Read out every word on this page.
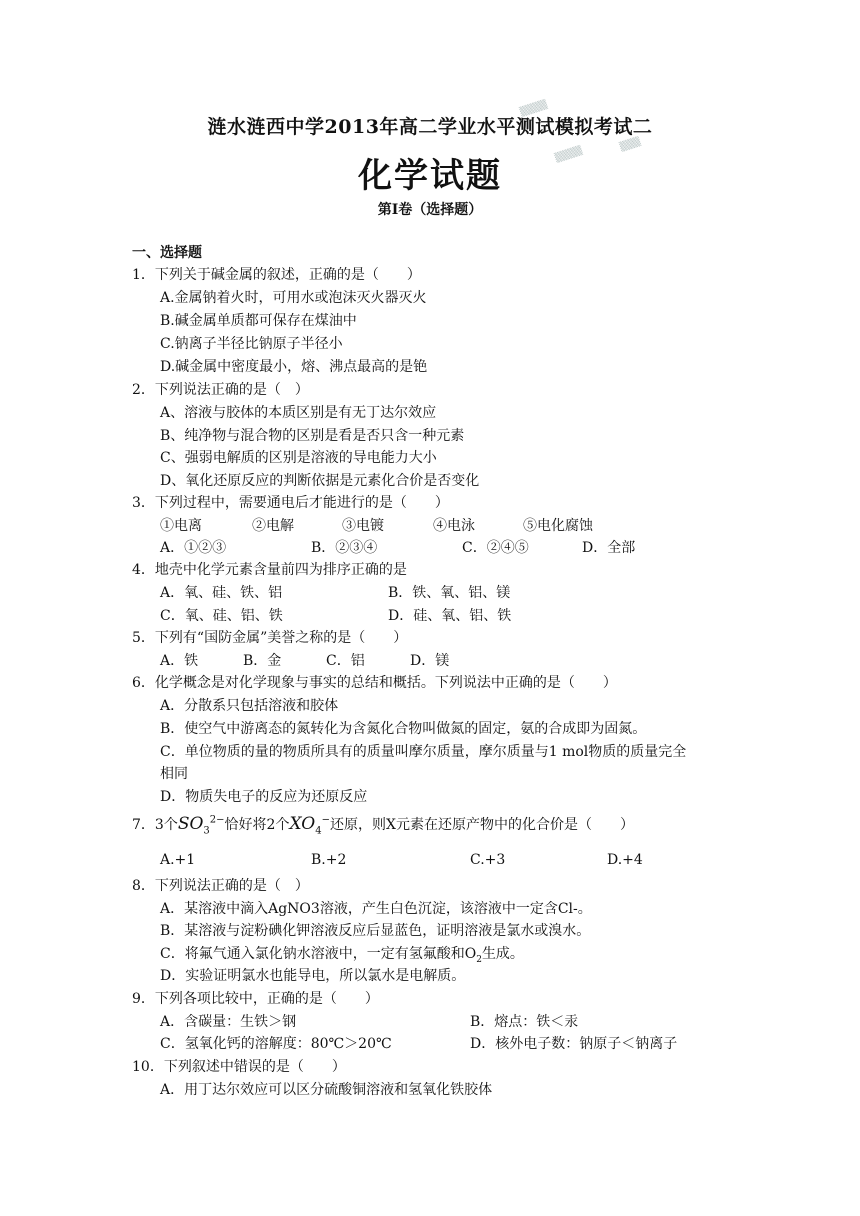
涟水涟西中学2013年高二学业水平测试模拟考试二
化学试题
第Ⅰ卷（选择题）
▒▒▒▒
▒▒▒▒
▒▒▒
一、选择题
1．下列关于碱金属的叙述，正确的是（　　）
A.金属钠着火时，可用水或泡沫灭火器灭火
B.碱金属单质都可保存在煤油中
C.钠离子半径比钠原子半径小
D.碱金属中密度最小，熔、沸点最高的是铯
2．下列说法正确的是（　）
A、溶液与胶体的本质区别是有无丁达尔效应
B、纯净物与混合物的区别是看是否只含一种元素
C、强弱电解质的区别是溶液的导电能力大小
D、氧化还原反应的判断依据是元素化合价是否变化
3．下列过程中，需要通电后才能进行的是（　　）
①电离	②电解	③电镀	④电泳	⑤电化腐蚀
A．①②③	B．②③④	C．②④⑤	D．全部
4．地壳中化学元素含量前四为排序正确的是
A．氧、硅、铁、铝	B．铁、氧、铝、镁
C．氧、硅、铝、铁	D．硅、氧、铝、铁
5．下列有“国防金属”美誉之称的是（　　）
A．铁	B．金	C．铝	D．镁
6．化学概念是对化学现象与事实的总结和概括。下列说法中正确的是（　　）
A．分散系只包括溶液和胶体
B．使空气中游离态的氮转化为含氮化合物叫做氮的固定，氨的合成即为固氮。
C．单位物质的量的物质所具有的质量叫摩尔质量，摩尔质量与1 mol物质的质量完全
相同
D．物质失电子的反应为还原反应
7．3个$SO_3^{2-}$恰好将2个$XO_4^-$还原，则X元素在还原产物中的化合价是（　　）
A.+1	B.+2	C.+3	D.+4
8．下列说法正确的是（　）
A．某溶液中滴入AgNO3溶液，产生白色沉淀，该溶液中一定含Cl-。
B．某溶液与淀粉碘化钾溶液反应后显蓝色，证明溶液是氯水或溴水。
C．将氟气通入氯化钠水溶液中，一定有氢氟酸和$O_2$生成。
D．实验证明氯水也能导电，所以氯水是电解质。
9．下列各项比较中，正确的是（　　）
A．含碳量：生铁＞钢	B．熔点：铁＜汞
C．氢氧化钙的溶解度：80℃＞20℃	D．核外电子数：钠原子＜钠离子
10．下列叙述中错误的是（　　）
A．用丁达尔效应可以区分硫酸铜溶液和氢氧化铁胶体
